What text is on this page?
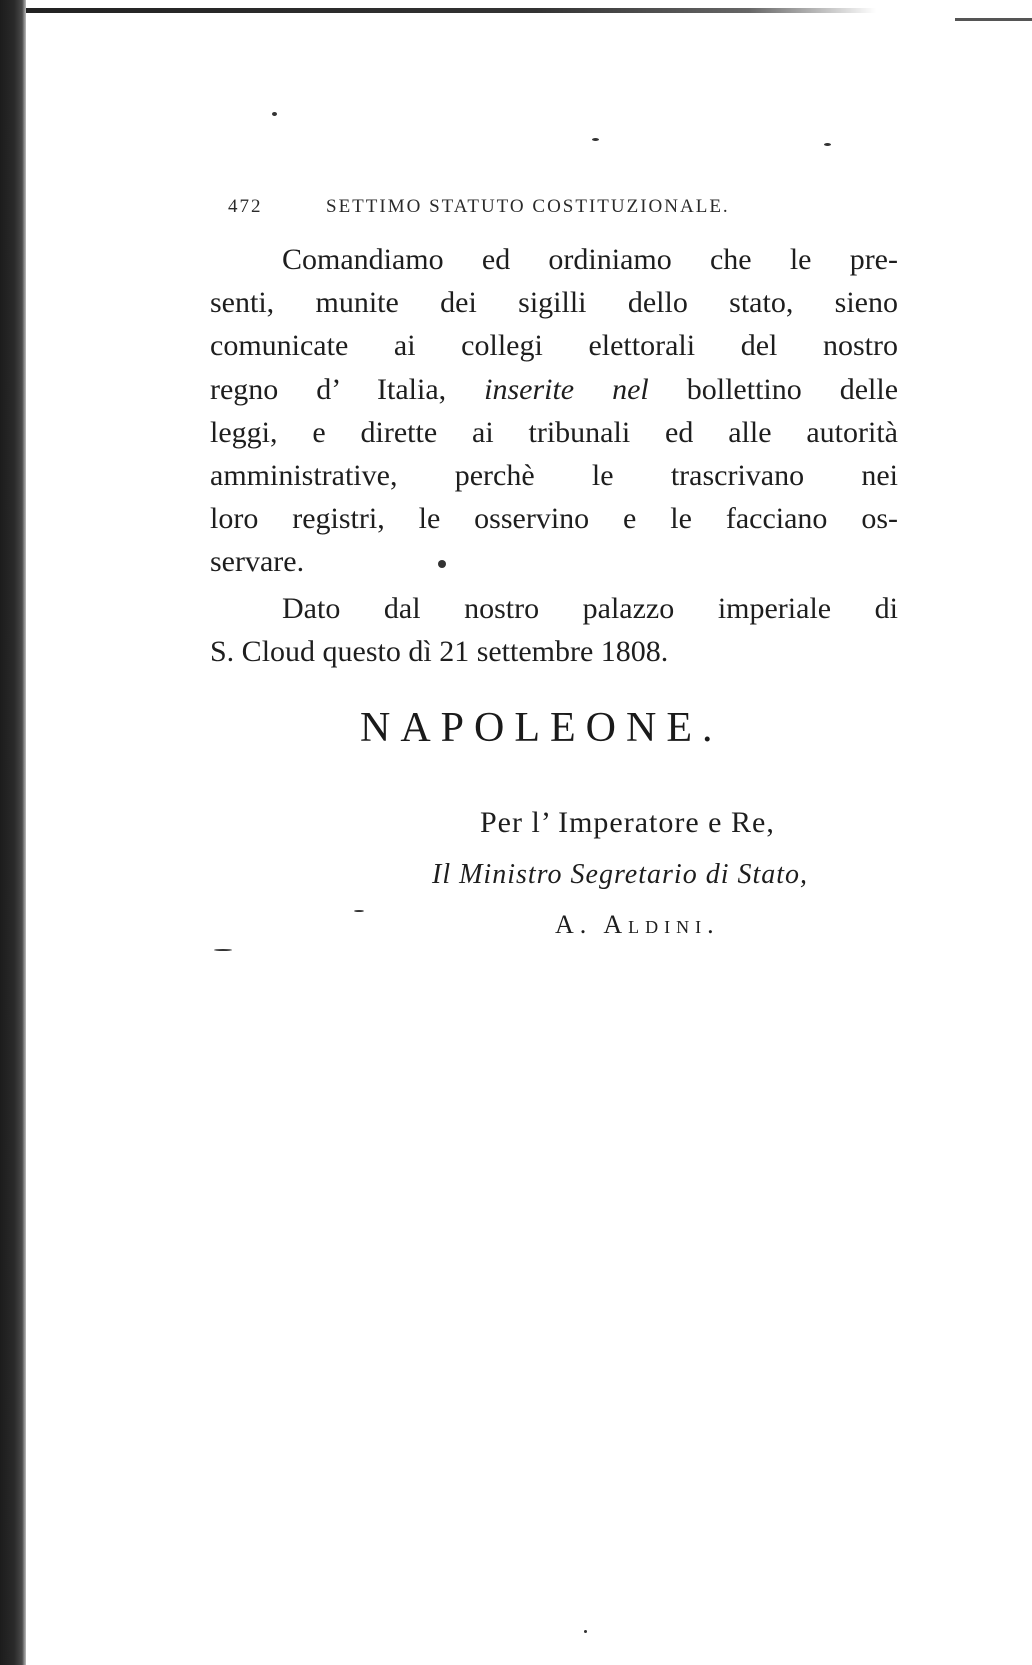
472	SETTIMO STATUTO COSTITUZIONALE.
Comandiamo ed ordiniamo che le pre-
senti, munite dei sigilli dello stato, sieno
comunicate ai collegi elettorali del nostro
regno d’ Italia, inserite nel bollettino delle
leggi, e dirette ai tribunali ed alle autorità
amministrative, perchè le trascrivano nei
loro registri, le osservino e le facciano os-
servare.
Dato dal nostro palazzo imperiale di
S. Cloud questo dì 21 settembre 1808.
NAPOLEONE.
Per l’ Imperatore e Re,
Il Ministro Segretario di Stato,
A. Aldini.
